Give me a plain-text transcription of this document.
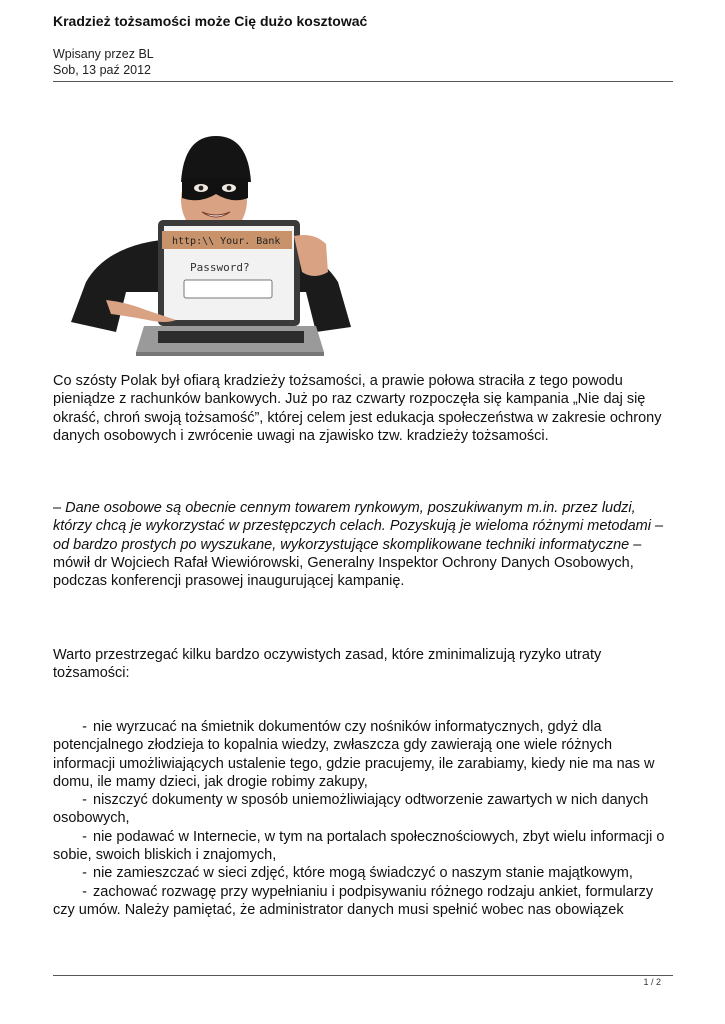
Kradzież tożsamości może Cię dużo kosztować
Wpisany przez BL
Sob, 13 paź 2012
http:\\ Your. Bank
Password?
Co szósty Polak był ofiarą kradzieży tożsamości, a prawie połowa straciła z tego powodu pieniądze z rachunków bankowych. Już po raz czwarty rozpoczęła się kampania „Nie daj się okraść, chroń swoją tożsamość”, której celem jest edukacja społeczeństwa w zakresie ochrony danych osobowych i zwrócenie uwagi na zjawisko tzw. kradzieży tożsamości.
– Dane osobowe są obecnie cennym towarem rynkowym, poszukiwanym m.in. przez ludzi, którzy chcą je wykorzystać w przestępczych celach. Pozyskują je wieloma różnymi metodami – od bardzo prostych po wyszukane, wykorzystujące skomplikowane techniki informatyczne – mówił dr Wojciech Rafał Wiewiórowski, Generalny Inspektor Ochrony Danych Osobowych, podczas konferencji prasowej inaugurującej kampanię.
Warto przestrzegać kilku bardzo oczywistych zasad, które zminimalizują ryzyko utraty tożsamości:
- nie wyrzucać na śmietnik dokumentów czy nośników informatycznych, gdyż dla potencjalnego złodzieja to kopalnia wiedzy, zwłaszcza gdy zawierają one wiele różnych informacji umożliwiających ustalenie tego, gdzie pracujemy, ile zarabiamy, kiedy nie ma nas w domu, ile mamy dzieci, jak drogie robimy zakupy,
- niszczyć dokumenty w sposób uniemożliwiający odtworzenie zawartych w nich danych osobowych,
- nie podawać w Internecie, w tym na portalach społecznościowych, zbyt wielu informacji o sobie, swoich bliskich i znajomych,
- nie zamieszczać w sieci zdjęć, które mogą świadczyć o naszym stanie majątkowym,
- zachować rozwagę przy wypełnianiu i podpisywaniu różnego rodzaju ankiet, formularzy czy umów. Należy pamiętać, że administrator danych musi spełnić wobec nas obowiązek
1 / 2
